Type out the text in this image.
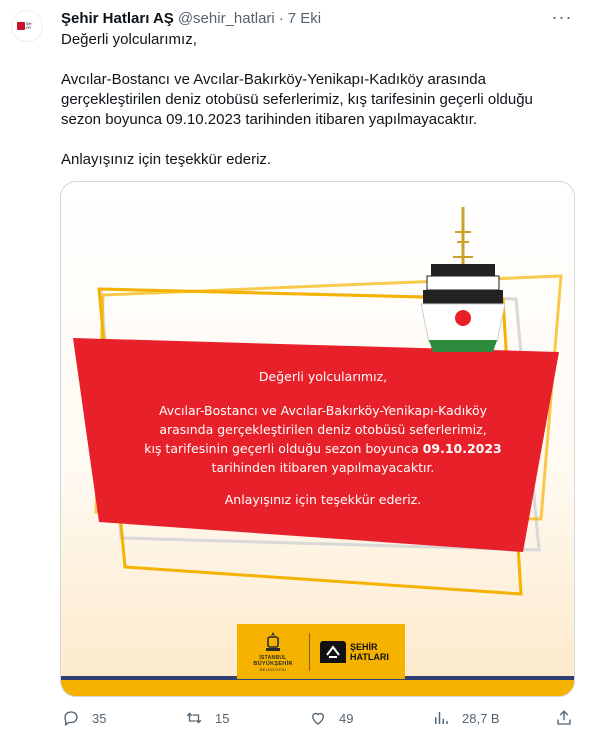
ŞH
HT
Şehir Hatları AŞ @sehir_hatlari · 7 Eki	···

Değerli yolcularımız,

Avcılar-Bostancı ve Avcılar-Bakırköy-Yenikapı-Kadıköy arasında gerçekleştirilen deniz otobüsü seferlerimiz, kış tarifesinin geçerli olduğu sezon boyunca 09.10.2023 tarihinden itibaren yapılmayacaktır.

Anlayışınız için teşekkür ederiz.

Değerli yolcularımız,
Avcılar-Bostancı ve Avcılar-Bakırköy-Yenikapı-Kadıköy
arasında gerçekleştirilen deniz otobüsü seferlerimiz,
kış tarifesinin geçerli olduğu sezon boyunca 09.10.2023
tarihinden itibaren yapılmayacaktır.
Anlayışınız için teşekkür ederiz.
İSTANBUL
BÜYÜKŞEHİR
BELEDİYESİ
ŞEHİR
HATLARI
35	15	49	28,7 B
